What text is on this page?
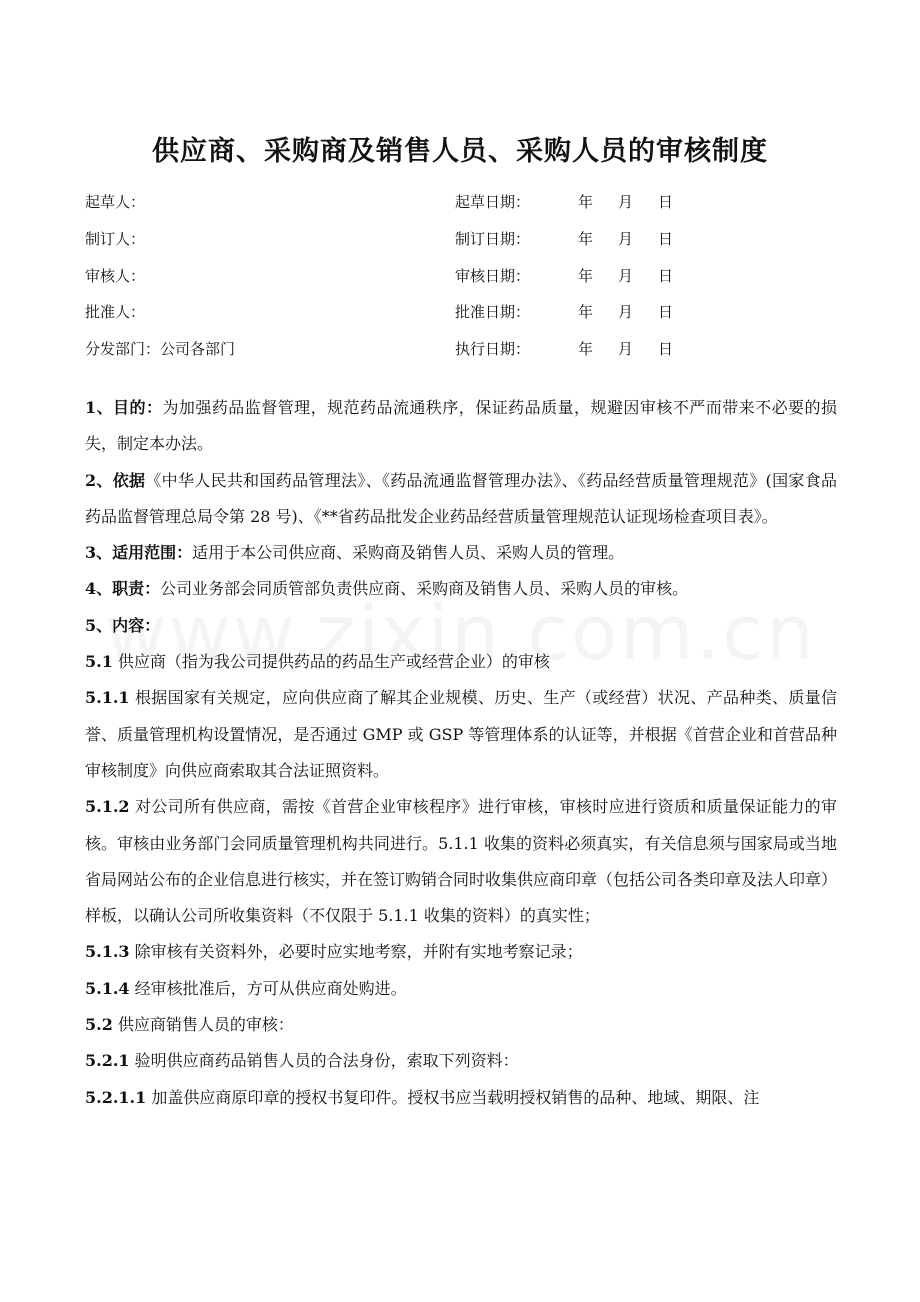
供应商、采购商及销售人员、采购人员的审核制度
起草人：	起草日期：	年 月 日
制订人：	制订日期：	年 月 日
审核人：	审核日期：	年 月 日
批准人：	批准日期：	年 月 日
分发部门：公司各部门	执行日期：	年 月 日

1、目的：为加强药品监督管理，规范药品流通秩序，保证药品质量，规避因审核不严而带来不必要的损失，制定本办法。

2、依据《中华人民共和国药品管理法》、《药品流通监督管理办法》、《药品经营质量管理规范》(国家食品药品监督管理总局令第 28 号)、《**省药品批发企业药品经营质量管理规范认证现场检查项目表》。

3、适用范围：适用于本公司供应商、采购商及销售人员、采购人员的管理。

4、职责：公司业务部会同质管部负责供应商、采购商及销售人员、采购人员的审核。

5、内容：

5.1 供应商（指为我公司提供药品的药品生产或经营企业）的审核

5.1.1 根据国家有关规定，应向供应商了解其企业规模、历史、生产（或经营）状况、产品种类、质量信誉、质量管理机构设置情况，是否通过 GMP 或 GSP 等管理体系的认证等，并根据《首营企业和首营品种审核制度》向供应商索取其合法证照资料。

5.1.2 对公司所有供应商，需按《首营企业审核程序》进行审核，审核时应进行资质和质量保证能力的审核。审核由业务部门会同质量管理机构共同进行。5.1.1 收集的资料必须真实，有关信息须与国家局或当地省局网站公布的企业信息进行核实，并在签订购销合同时收集供应商印章（包括公司各类印章及法人印章）样板，以确认公司所收集资料（不仅限于 5.1.1 收集的资料）的真实性；

5.1.3 除审核有关资料外，必要时应实地考察，并附有实地考察记录；

5.1.4 经审核批准后，方可从供应商处购进。

5.2 供应商销售人员的审核：

5.2.1 验明供应商药品销售人员的合法身份，索取下列资料：

5.2.1.1 加盖供应商原印章的授权书复印件。授权书应当载明授权销售的品种、地域、期限、注
